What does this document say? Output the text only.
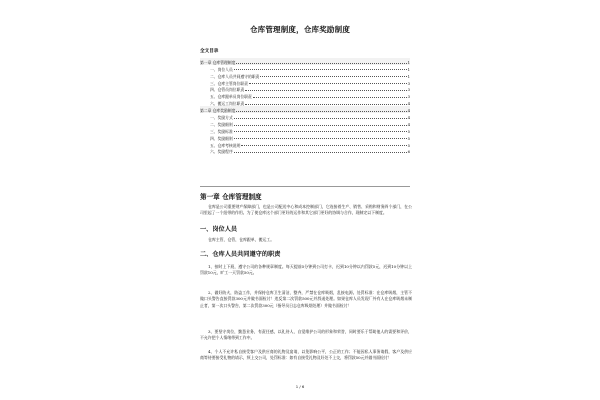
仓库管理制度，仓库奖励制度
全文目录
第一章 仓库管理制度	1
一、岗位人员	1
二、仓库人员共同遵守的职责	1
三、仓库主管岗位职责	3
四、仓管员岗位职责	3
五、仓库跟单员岗位职责	3
六、搬运工岗位职责	4
第二章 仓库奖励制度	4
一、奖励方式	4
二、奖励细则	4
三、奖励标准	5
四、奖励细则	5
五、仓库考核说明	5
六、奖励程序	6
第一章 仓库管理制度
仓库是公司重要财产保障部门，也是公司配送中心和成本控制部门，它连接着生产、销售、采购和财务四个部门，在公司里起了一个纽带的作用。为了使仓库这个部门更好的运作和其它部门更好的协调与合作，现制定以下制度。
一、岗位人员
仓库主管，仓管，仓库跟单，搬运工。
二、仓库人员共同遵守的职责
1、按时上下班，遵守公司的各种规章制度。每天提前5分钟到公司打卡，迟到10分钟以内罚款5元，迟到10分钟以上罚款10元，旷工一天罚款50元。
2、做好防火，防盗工作，并保持仓库卫生清洁，整齐，严禁在仓库吸烟，乱接电源。处罚标准：在仓库吸烟，主管不做口头警告直接罚款300元并做书面检讨！违反第二次罚款500元并辞退处理。如果仓库人员发现厂外有人在仓库吸烟未制止者，第一次口头警告，第二次罚款300元（指导员日志仓库吸烟处理）并做书面检讨！
3、要坚守岗位，勤恳业务，有责任感，以礼待人，自觉维护公司的形象和荣誉，同时要乐于帮助他人的需要和评价，不允许把个人情绪带到工作中。
4、个人不允许私自接受客户及供应商的礼物及宴请，以免影响公平，公正的工作；不能因私人事务请假，客户及供应商等待要接受礼物的请示，须上交公司，处罚标准：如有自接受礼物及好处不上交，将罚款50元并做书面检讨！
1 / 6
